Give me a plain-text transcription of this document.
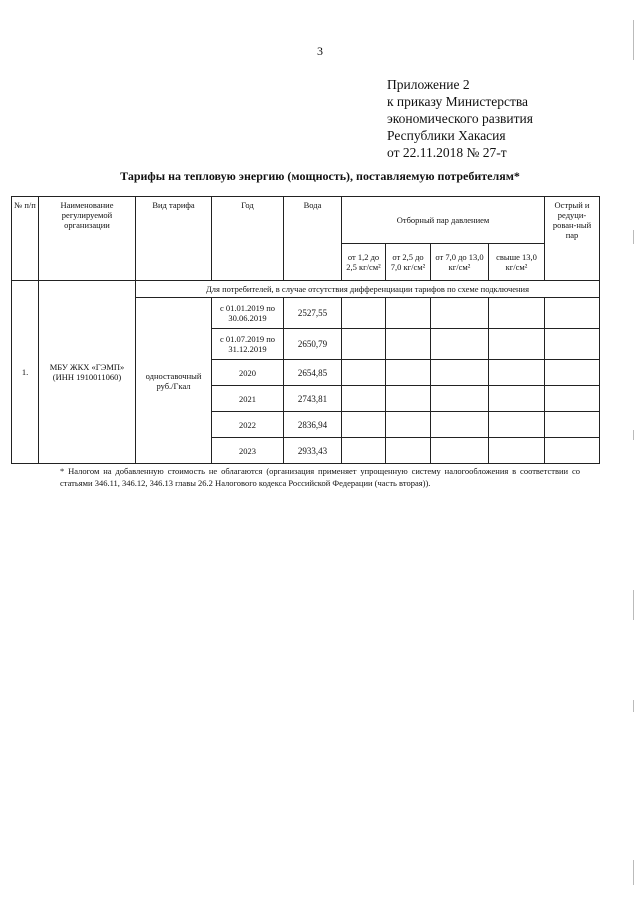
3
Приложение 2
к приказу Министерства
экономического развития
Республики Хакасия
от 22.11.2018 № 27-т
Тарифы на тепловую энергию (мощность), поставляемую потребителям*
№ п/п	Наименование регулируемой организации	Вид тарифа	Год	Вода	Отборный пар давлением				Острый и редуци-рован-ный пар
					от 1,2 до 2,5 кг/см²	от 2,5 до 7,0 кг/см²	от 7,0 до 13,0 кг/см²	свыше 13,0 кг/см²	
1.	МБУ ЖКХ «ГЭМП» (ИНН 1910011060)	Для потребителей, в случае отсутствия дифференциации тарифов по схеме подключения							
		одноставочный руб./Гкал	с 01.01.2019 по 30.06.2019	2527,55					
			с 01.07.2019 по 31.12.2019	2650,79					
			2020	2654,85					
			2021	2743,81					
			2022	2836,94					
			2023	2933,43					
* Налогом на добавленную стоимость не облагаются (организация применяет упрощенную систему налогообложения в соответствии со статьями 346.11, 346.12, 346.13 главы 26.2 Налогового кодекса Российской Федерации (часть вторая)).
